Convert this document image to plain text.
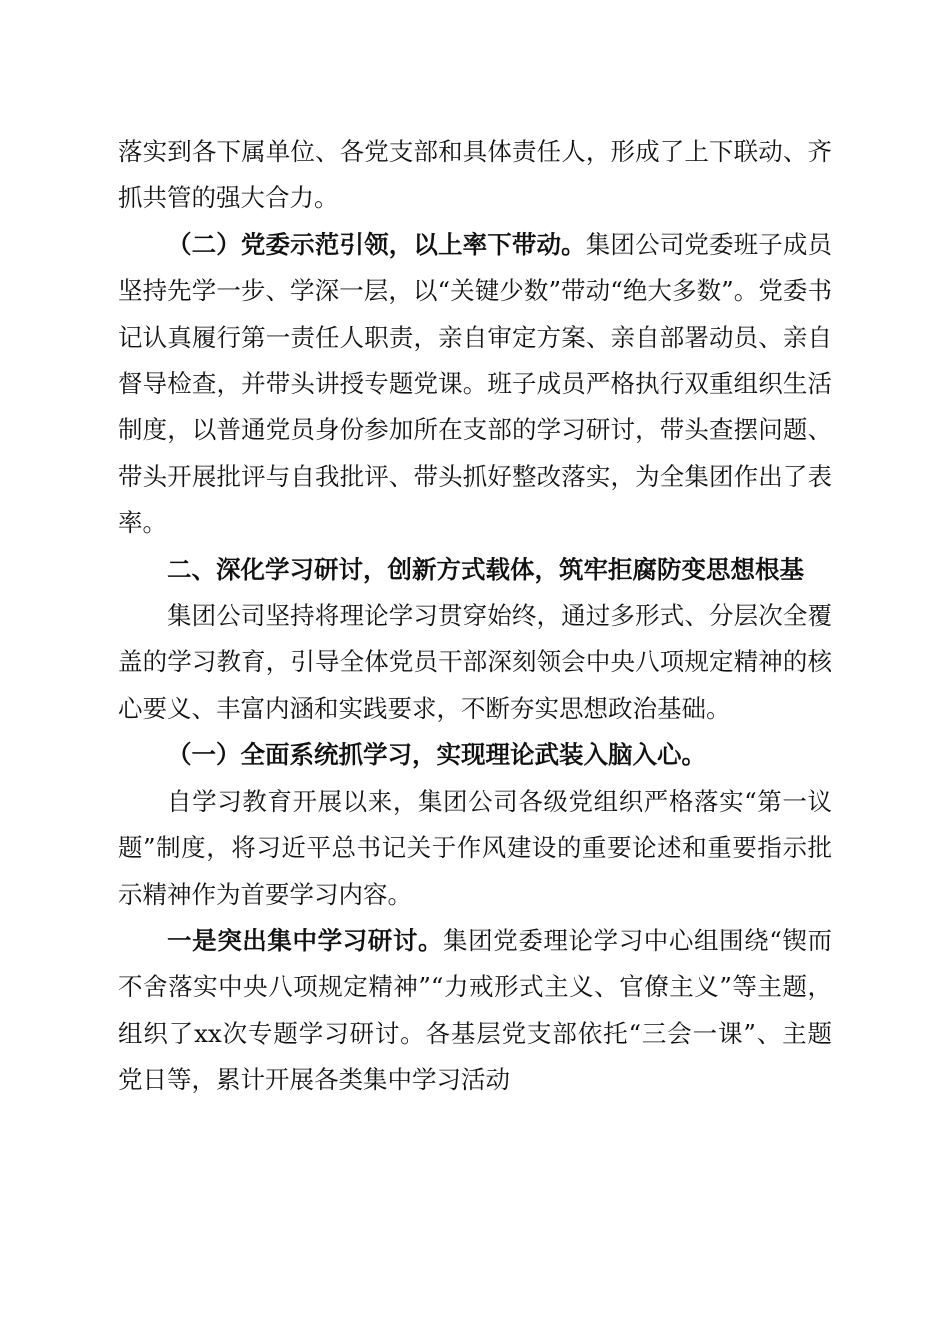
落实到各下属单位、各党支部和具体责任人，形成了上下联动、齐抓共管的强大合力。

（二）党委示范引领，以上率下带动。集团公司党委班子成员坚持先学一步、学深一层，以“关键少数”带动“绝大多数”。党委书记认真履行第一责任人职责，亲自审定方案、亲自部署动员、亲自督导检查，并带头讲授专题党课。班子成员严格执行双重组织生活制度，以普通党员身份参加所在支部的学习研讨，带头查摆问题、带头开展批评与自我批评、带头抓好整改落实，为全集团作出了表率。

二、深化学习研讨，创新方式载体，筑牢拒腐防变思想根基

集团公司坚持将理论学习贯穿始终，通过多形式、分层次全覆盖的学习教育，引导全体党员干部深刻领会中央八项规定精神的核心要义、丰富内涵和实践要求，不断夯实思想政治基础。

（一）全面系统抓学习，实现理论武装入脑入心。

自学习教育开展以来，集团公司各级党组织严格落实“第一议题”制度，将习近平总书记关于作风建设的重要论述和重要指示批示精神作为首要学习内容。

一是突出集中学习研讨。集团党委理论学习中心组围绕“锲而不舍落实中央八项规定精神”“力戒形式主义、官僚主义”等主题，组织了xx次专题学习研讨。各基层党支部依托“三会一课”、主题党日等，累计开展各类集中学习活动
